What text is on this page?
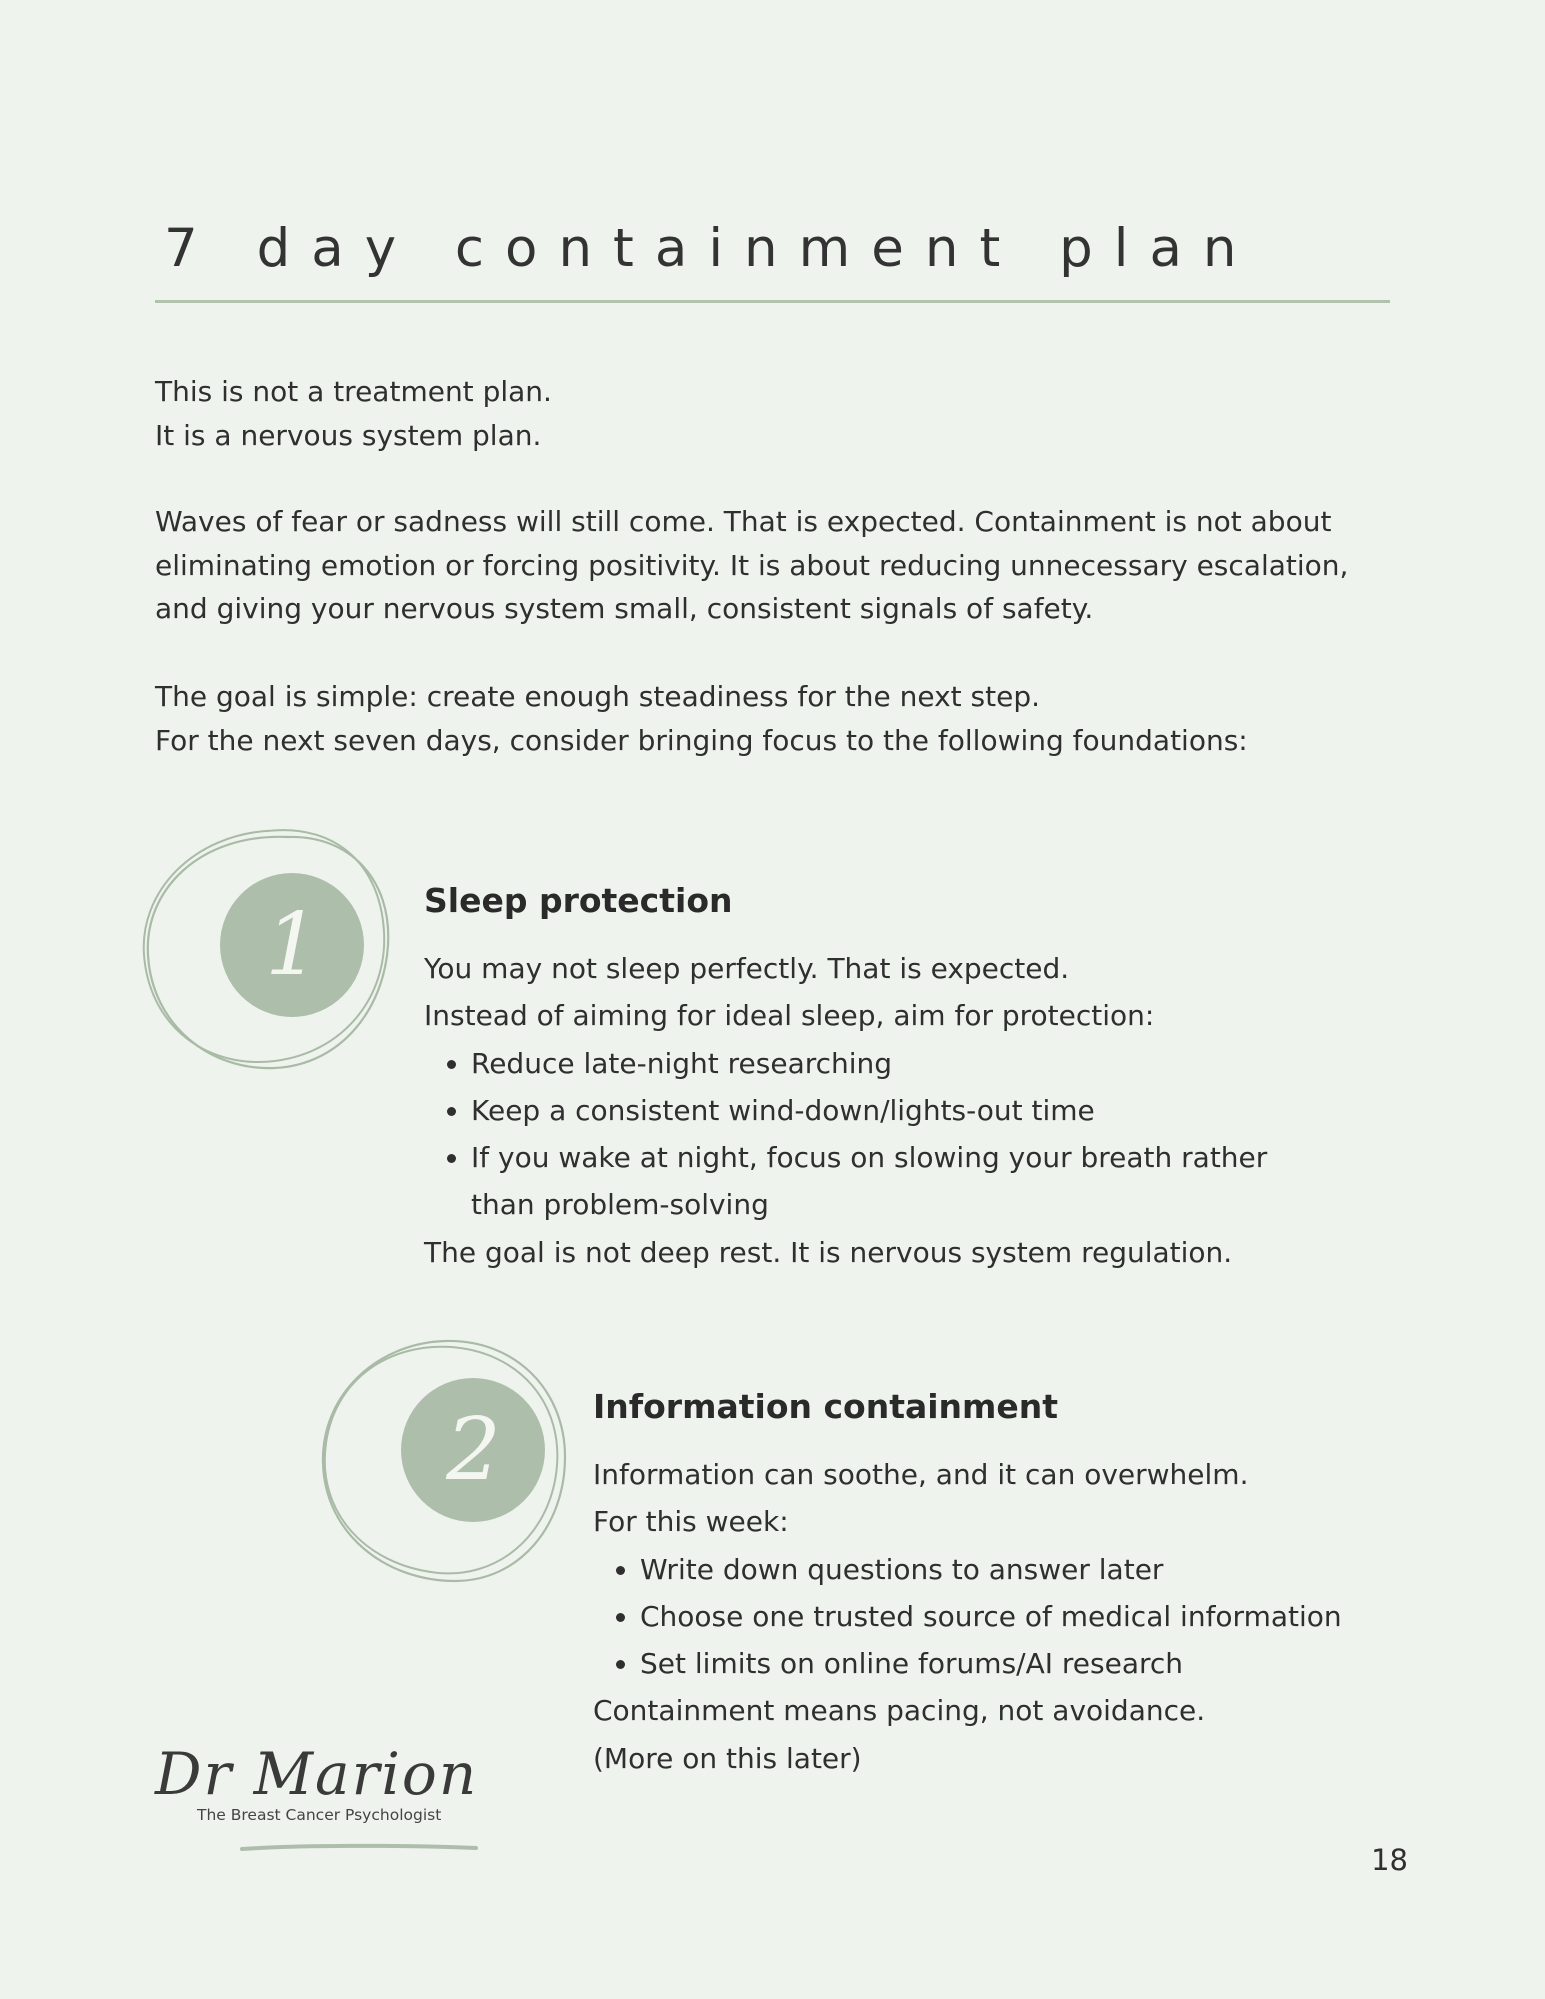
7 day containment plan
This is not a treatment plan.
It is a nervous system plan.
Waves of fear or sadness will still come. That is expected. Containment is not about
eliminating emotion or forcing positivity. It is about reducing unnecessary escalation,
and giving your nervous system small, consistent signals of safety.
The goal is simple: create enough steadiness for the next step.
For the next seven days, consider bringing focus to the following foundations:
1	Sleep protection

You may not sleep perfectly. That is expected.

Instead of aiming for ideal sleep, aim for protection:

• Reduce late-night researching
• Keep a consistent wind-down/lights-out time
• If you wake at night, focus on slowing your breath rather than problem-solving

The goal is not deep rest. It is nervous system regulation.

2	Information containment

Information can soothe, and it can overwhelm.

For this week:

• Write down questions to answer later
• Choose one trusted source of medical information
• Set limits on online forums/AI research

Containment means pacing, not avoidance.

(More on this later)

Dr Marion
The Breast Cancer Psychologist
18
